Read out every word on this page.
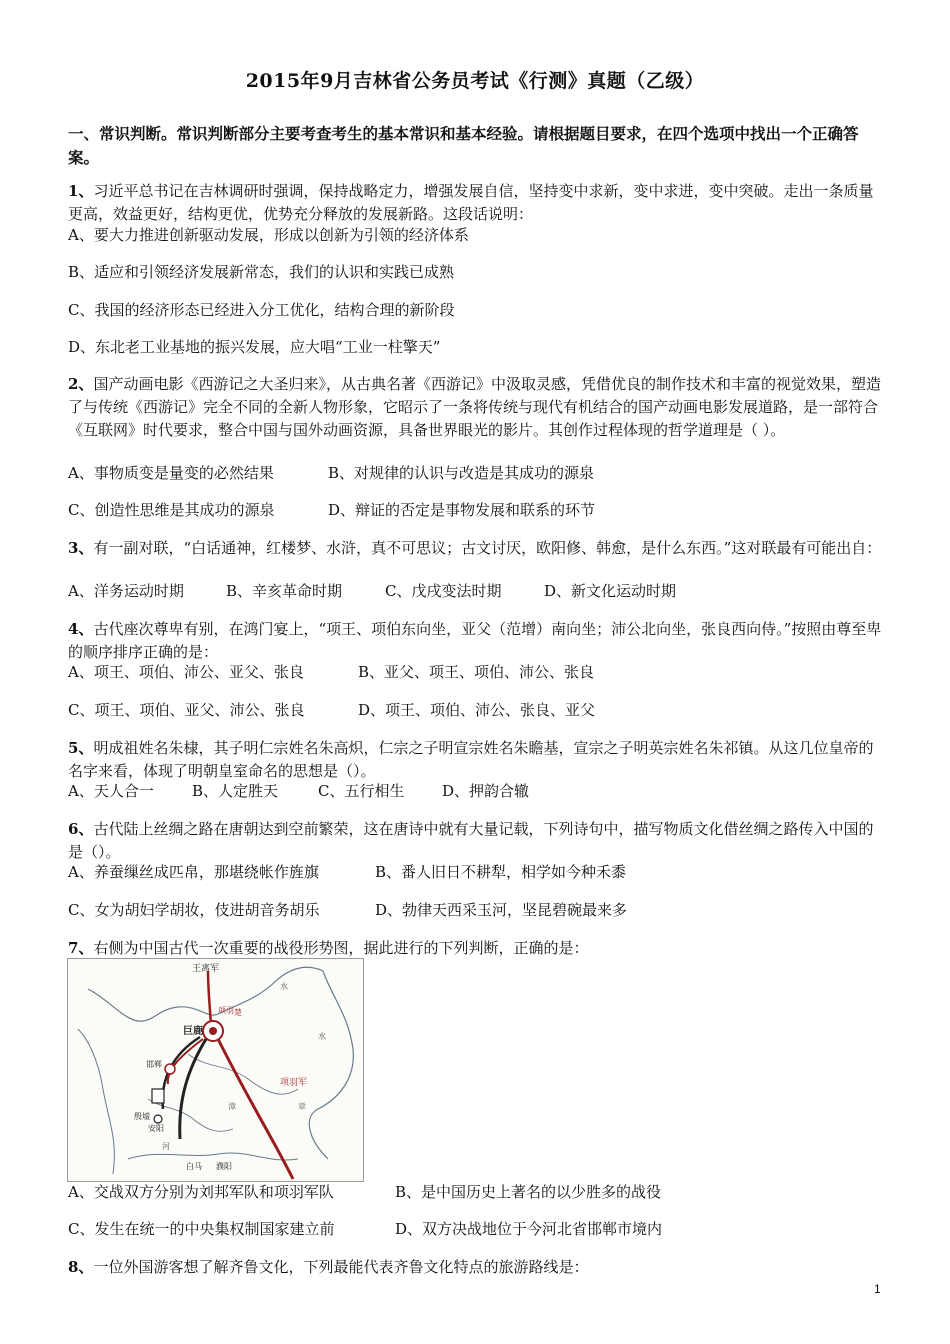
2015年9月吉林省公务员考试《行测》真题（乙级）
一、常识判断。常识判断部分主要考查考生的基本常识和基本经验。请根据题目要求，在四个选项中找出一个正确答案。
1、习近平总书记在吉林调研时强调，保持战略定力，增强发展自信，坚持变中求新，变中求进，变中突破。走出一条质量更高，效益更好，结构更优，优势充分释放的发展新路。这段话说明：
A、要大力推进创新驱动发展，形成以创新为引领的经济体系
B、适应和引领经济发展新常态，我们的认识和实践已成熟
C、我国的经济形态已经进入分工优化，结构合理的新阶段
D、东北老工业基地的振兴发展，应大唱“工业一柱擎天”
2、国产动画电影《西游记之大圣归来》，从古典名著《西游记》中汲取灵感，凭借优良的制作技术和丰富的视觉效果，塑造了与传统《西游记》完全不同的全新人物形象，它昭示了一条将传统与现代有机结合的国产动画电影发展道路，是一部符合《互联网》时代要求，整合中国与国外动画资源，具备世界眼光的影片。其创作过程体现的哲学道理是（ ）。
A、事物质变是量变的必然结果	B、对规律的认识与改造是其成功的源泉
C、创造性思维是其成功的源泉	D、辩证的否定是事物发展和联系的环节
3、有一副对联，“白话通神，红楼梦、水浒，真不可思议；古文讨厌，欧阳修、韩愈，是什么东西。”这对联最有可能出自：
A、洋务运动时期	B、辛亥革命时期	C、戊戌变法时期	D、新文化运动时期
4、古代座次尊卑有别，在鸿门宴上，“项王、项伯东向坐，亚父（范增）南向坐；沛公北向坐，张良西向侍。”按照由尊至卑的顺序排序正确的是：
A、项王、项伯、沛公、亚父、张良	B、亚父、项王、项伯、沛公、张良
C、项王、项伯、亚父、沛公、张良	D、项王、项伯、沛公、张良、亚父
5、明成祖姓名朱棣，其子明仁宗姓名朱高炽，仁宗之子明宣宗姓名朱瞻基，宣宗之子明英宗姓名朱祁镇。从这几位皇帝的名字来看，体现了明朝皇室命名的思想是（）。
A、天人合一	B、人定胜天	C、五行相生	D、押韵合辙
6、古代陆上丝绸之路在唐朝达到空前繁荣，这在唐诗中就有大量记载，下列诗句中，描写物质文化借丝绸之路传入中国的是（）。
A、养蚕缫丝成匹帛，那堪绕帐作旌旗	B、番人旧日不耕犁，相学如今种禾黍
C、女为胡妇学胡妆，伎进胡音务胡乐	D、勃律天西采玉河，坚昆碧碗最来多
7、右侧为中国古代一次重要的战役形势图，据此进行的下列判断，正确的是：
王离军
巨鹿
项羽军
邯郸
殷墟
安阳
水
水
章
河
白马 濮阳
项羽
漳
楚
A、交战双方分别为刘邦军队和项羽军队	B、是中国历史上著名的以少胜多的战役
C、发生在统一的中央集权制国家建立前	D、双方决战地位于今河北省邯郸市境内
8、一位外国游客想了解齐鲁文化，下列最能代表齐鲁文化特点的旅游路线是：
1
